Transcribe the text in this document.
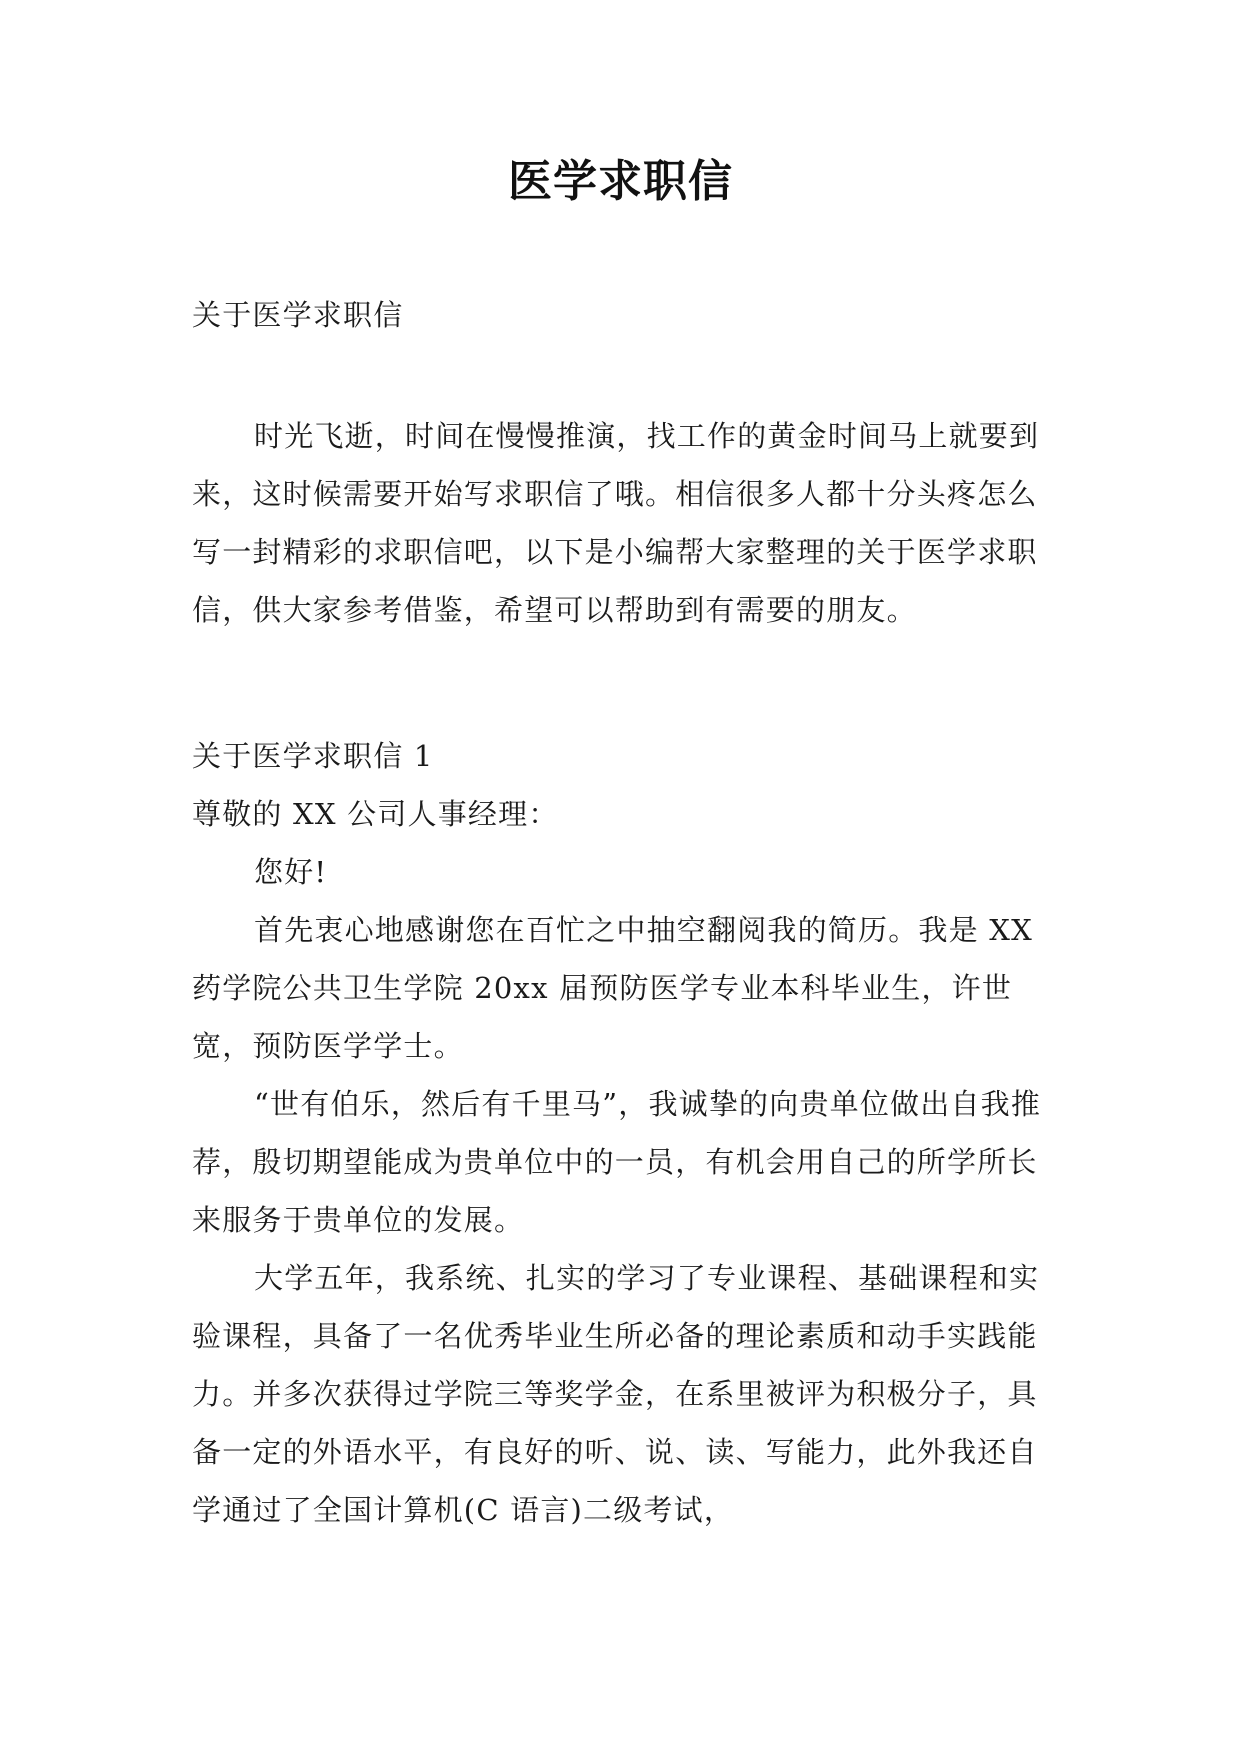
医学求职信

关于医学求职信

时光飞逝，时间在慢慢推演，找工作的黄金时间马上就要到来，这时候需要开始写求职信了哦。相信很多人都十分头疼怎么写一封精彩的求职信吧，以下是小编帮大家整理的关于医学求职信，供大家参考借鉴，希望可以帮助到有需要的朋友。

关于医学求职信 1

尊敬的 XX 公司人事经理：

您好!

首先衷心地感谢您在百忙之中抽空翻阅我的简历。我是 XX 药学院公共卫生学院 20xx 届预防医学专业本科毕业生，许世宽，预防医学学士。

“世有伯乐，然后有千里马”，我诚挚的向贵单位做出自我推荐，殷切期望能成为贵单位中的一员，有机会用自己的所学所长来服务于贵单位的发展。

大学五年，我系统、扎实的学习了专业课程、基础课程和实验课程，具备了一名优秀毕业生所必备的理论素质和动手实践能力。并多次获得过学院三等奖学金，在系里被评为积极分子，具备一定的外语水平，有良好的听、说、读、写能力，此外我还自学通过了全国计算机(C 语言)二级考试，
